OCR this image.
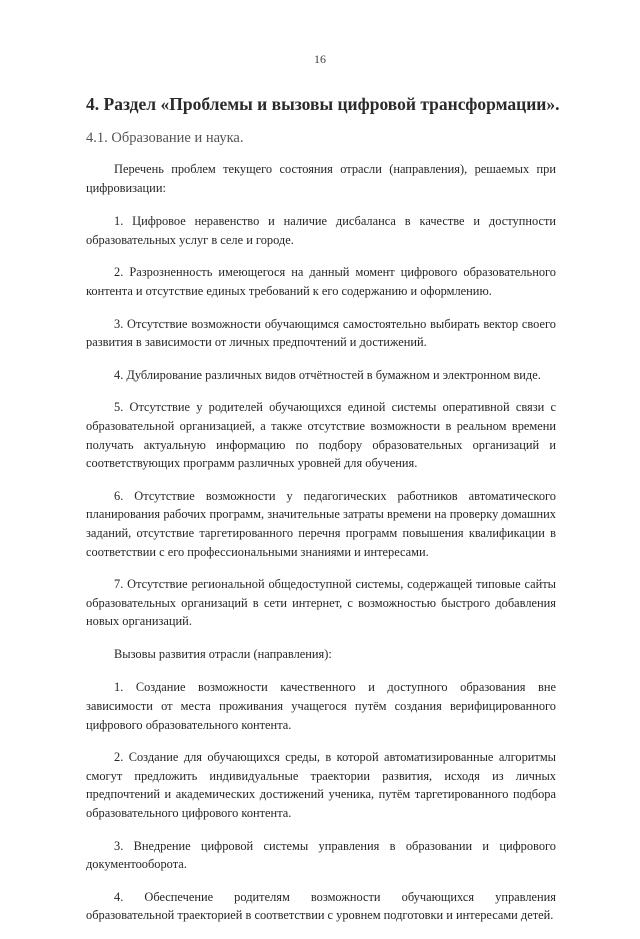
16
4. Раздел «Проблемы и вызовы цифровой трансформации».
4.1. Образование и наука.

Перечень проблем текущего состояния отрасли (направления), решаемых при цифровизации:

1. Цифровое неравенство и наличие дисбаланса в качестве и доступности образовательных услуг в селе и городе.

2. Разрозненность имеющегося на данный момент цифрового образовательного контента и отсутствие единых требований к его содержанию и оформлению.

3. Отсутствие возможности обучающимся самостоятельно выбирать вектор своего развития в зависимости от личных предпочтений и достижений.

4. Дублирование различных видов отчётностей в бумажном и электронном виде.

5. Отсутствие у родителей обучающихся единой системы оперативной связи с образовательной организацией, а также отсутствие возможности в реальном времени получать актуальную информацию по подбору образовательных организаций и соответствующих программ различных уровней для обучения.

6. Отсутствие возможности у педагогических работников автоматического планирования рабочих программ, значительные затраты времени на проверку домашних заданий, отсутствие таргетированного перечня программ повышения квалификации в соответствии с его профессиональными знаниями и интересами.

7. Отсутствие региональной общедоступной системы, содержащей типовые сайты образовательных организаций в сети интернет, с возможностью быстрого добавления новых организаций.

Вызовы развития отрасли (направления):

1. Создание возможности качественного и доступного образования вне зависимости от места проживания учащегося путём создания верифицированного цифрового образовательного контента.

2. Создание для обучающихся среды, в которой автоматизированные алгоритмы смогут предложить индивидуальные траектории развития, исходя из личных предпочтений и академических достижений ученика, путём таргетированного подбора образовательного цифрового контента.

3. Внедрение цифровой системы управления в образовании и цифрового документооборота.

4. Обеспечение родителям возможности обучающихся управления образовательной траекторией в соответствии с уровнем подготовки и интересами детей.
